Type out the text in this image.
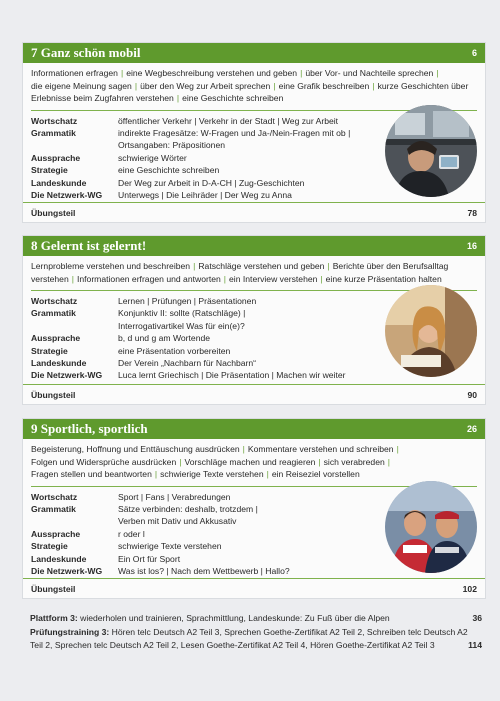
7 Ganz schön mobil	6
Informationen erfragen | eine Wegbeschreibung verstehen und geben | über Vor- und Nachteile sprechen |
die eigene Meinung sagen | über den Weg zur Arbeit sprechen | eine Grafik beschreiben | kurze Geschichten über Erlebnisse beim Zugfahren verstehen | eine Geschichte schreiben
Wortschatz	öffentlicher Verkehr | Verkehr in der Stadt | Weg zur Arbeit
Grammatik	indirekte Fragesätze: W-Fragen und Ja-/Nein-Fragen mit ob |
Ortsangaben: Präpositionen
Aussprache	schwierige Wörter
Strategie	eine Geschichte schreiben
Landeskunde	Der Weg zur Arbeit in D-A-CH | Zug-Geschichten
Die Netzwerk-WG	Unterwegs | Die Leihräder | Der Weg zu Anna
Übungsteil	78
8 Gelernt ist gelernt!	16
Lernprobleme verstehen und beschreiben | Ratschläge verstehen und geben | Berichte über den Berufsalltag verstehen | Informationen erfragen und antworten | ein Interview verstehen | eine kurze Präsentation halten
Wortschatz	Lernen | Prüfungen | Präsentationen
Grammatik	Konjunktiv II: sollte (Ratschläge) |
Interrogativartikel Was für ein(e)?
Aussprache	b, d und g am Wortende
Strategie	eine Präsentation vorbereiten
Landeskunde	Der Verein „Nachbarn für Nachbarn“
Die Netzwerk-WG	Luca lernt Griechisch | Die Präsentation | Machen wir weiter
Übungsteil	90
9 Sportlich, sportlich	26
Begeisterung, Hoffnung und Enttäuschung ausdrücken | Kommentare verstehen und schreiben |
Folgen und Widersprüche ausdrücken | Vorschläge machen und reagieren | sich verabreden |
Fragen stellen und beantworten | schwierige Texte verstehen | ein Reiseziel vorstellen
Wortschatz	Sport | Fans | Verabredungen
Grammatik	Sätze verbinden: deshalb, trotzdem |
Verben mit Dativ und Akkusativ
Aussprache	r oder l
Strategie	schwierige Texte verstehen
Landeskunde	Ein Ort für Sport
Die Netzwerk-WG	Was ist los? | Nach dem Wettbewerb | Hallo?
Übungsteil	102
Plattform 3: wiederholen und trainieren, Sprachmittlung, Landeskunde: Zu Fuß über die Alpen	36
Prüfungstraining 3: Hören telc Deutsch A2 Teil 3, Sprechen Goethe-Zertifikat A2 Teil 2, Schreiben telc Deutsch A2
Teil 2, Sprechen telc Deutsch A2 Teil 2, Lesen Goethe-Zertifikat A2 Teil 4, Hören Goethe-Zertifikat A2 Teil 3	114
